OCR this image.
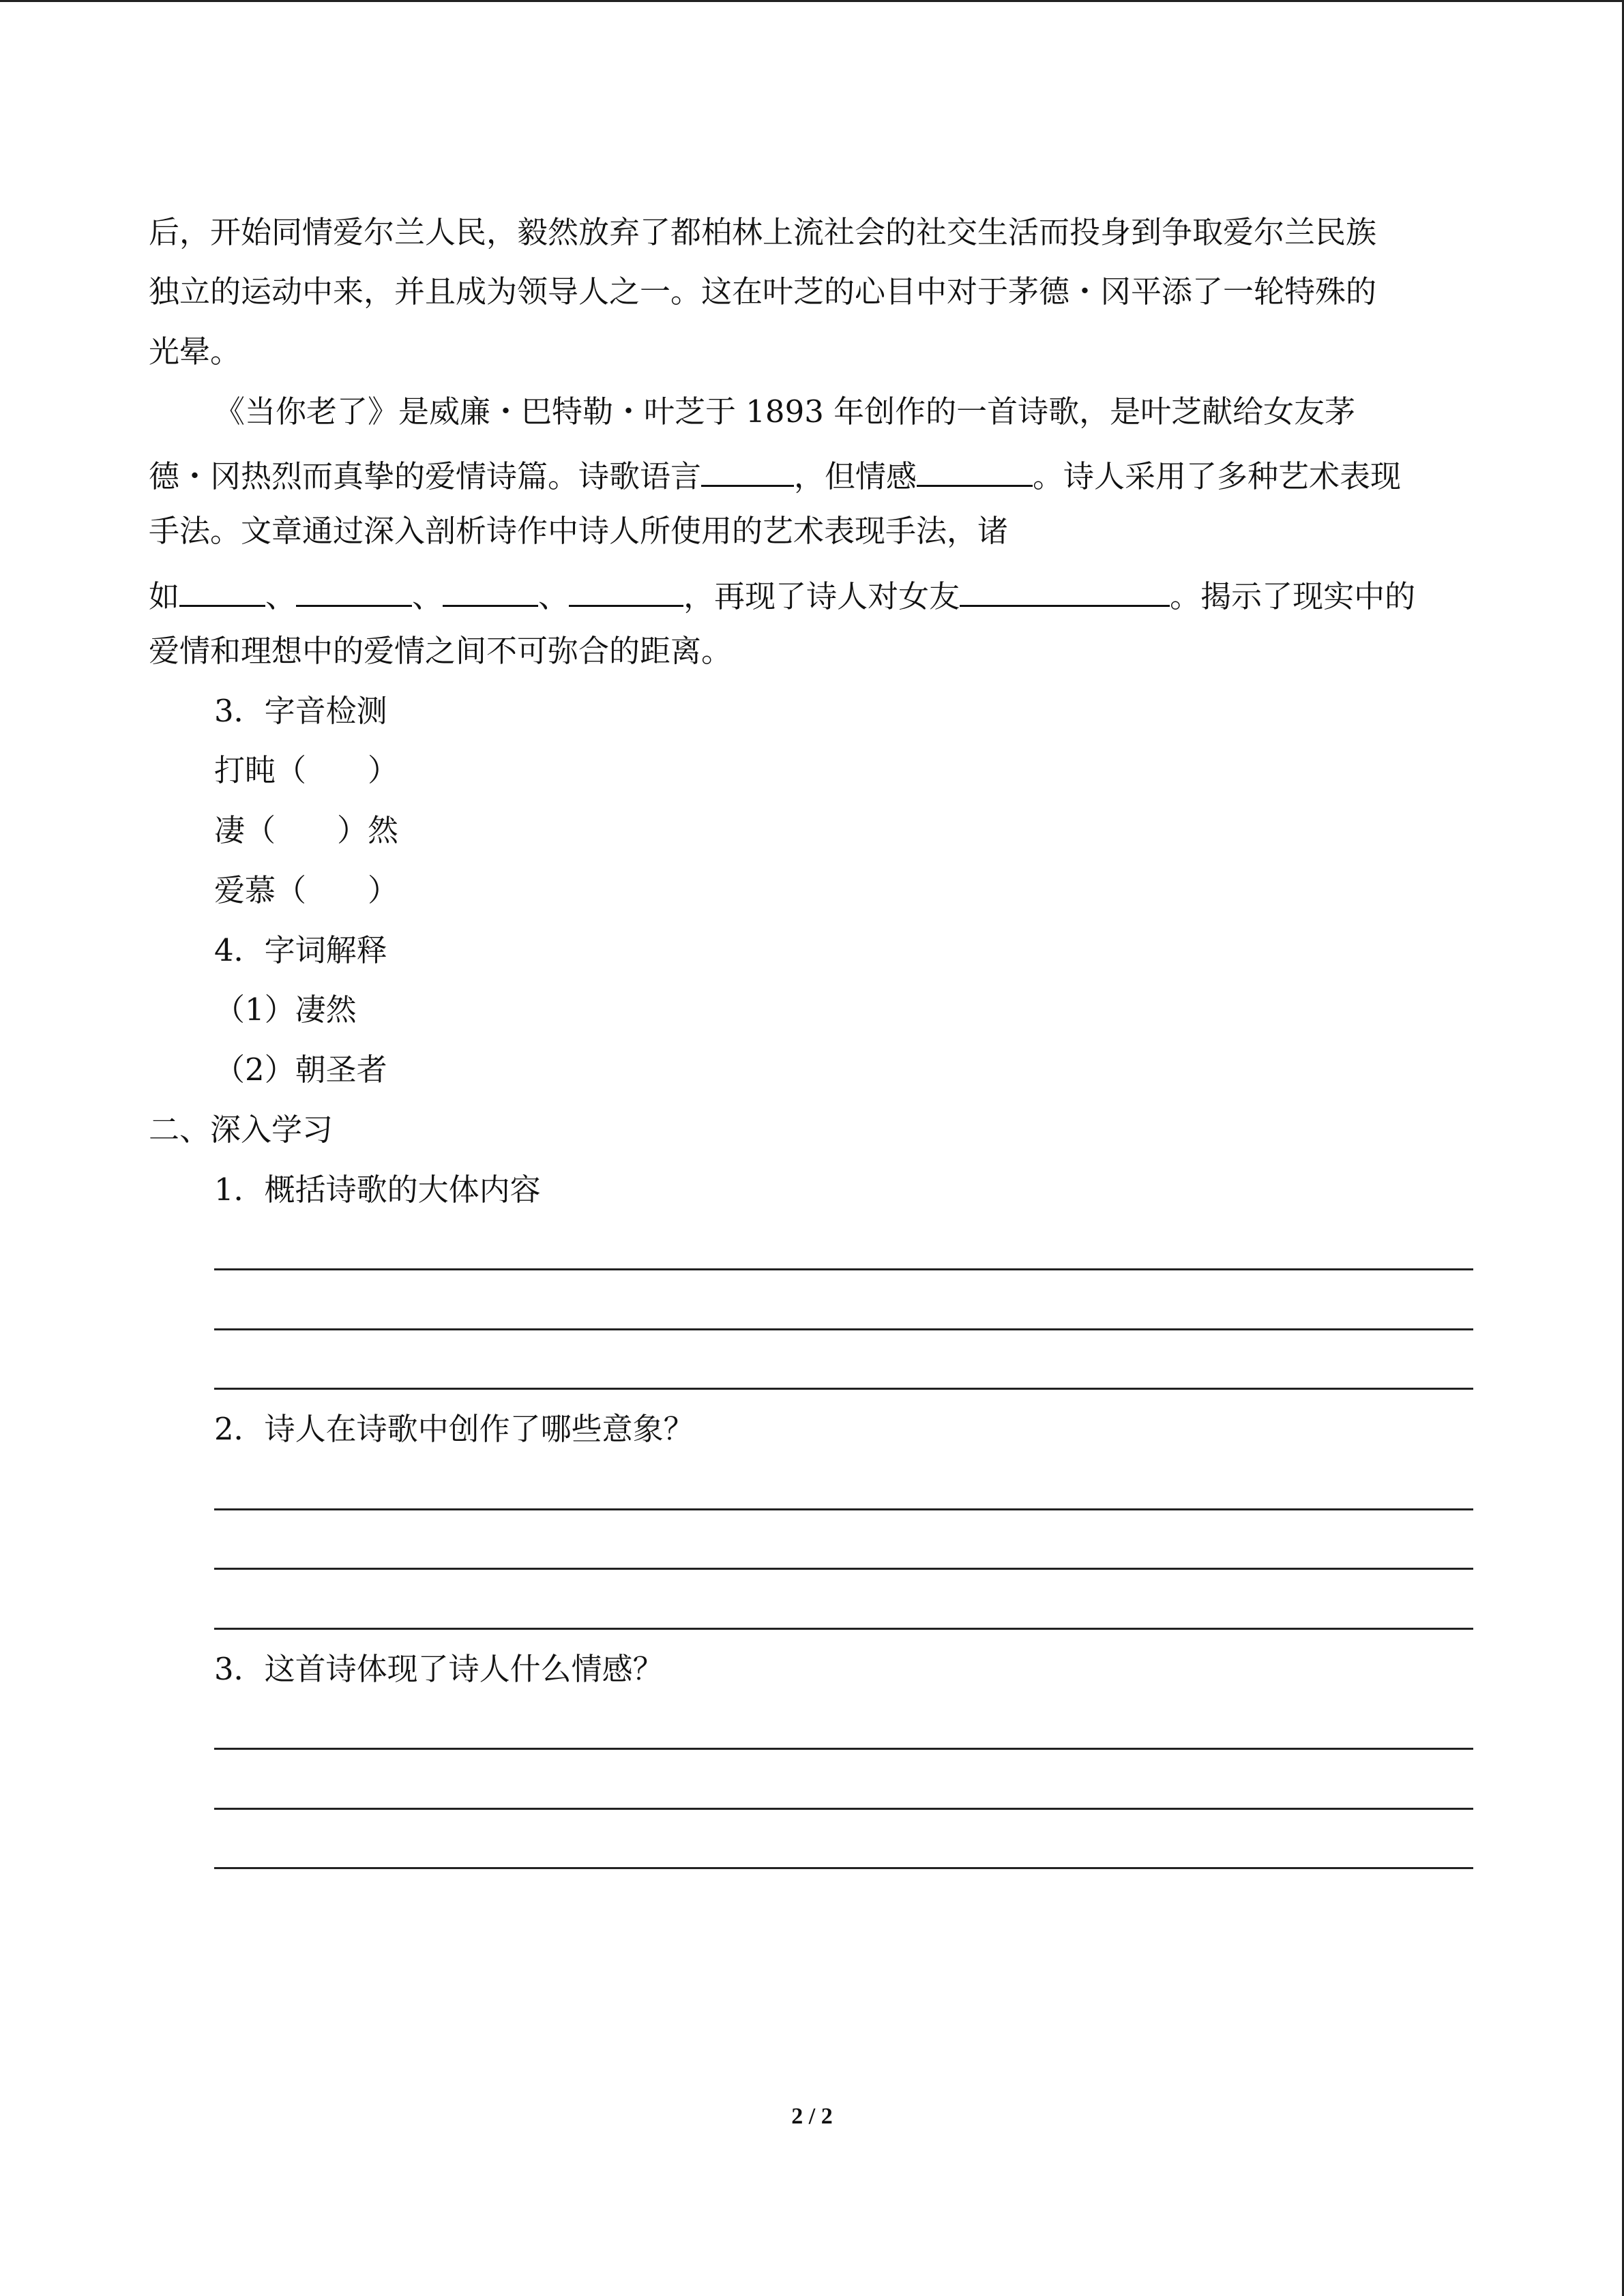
后，开始同情爱尔兰人民，毅然放弃了都柏林上流社会的社交生活而投身到争取爱尔兰民族
独立的运动中来，并且成为领导人之一。这在叶芝的心目中对于茅德・冈平添了一轮特殊的
光晕。
《当你老了》是威廉・巴特勒・叶芝于 1893 年创作的一首诗歌，是叶芝献给女友茅
德・冈热烈而真挚的爱情诗篇。诗歌语言	，但情感	。诗人采用了多种艺术表现
手法。文章通过深入剖析诗作中诗人所使用的艺术表现手法，诸
如	、	、	、	，再现了诗人对女友	。揭示了现实中的
爱情和理想中的爱情之间不可弥合的距离。
3．字音检测
打盹（　　）
凄（　　）然
爱慕（　　）
4．字词解释
（1）凄然
（2）朝圣者
二、深入学习
1．概括诗歌的大体内容
2．诗人在诗歌中创作了哪些意象？
3．这首诗体现了诗人什么情感？
2 / 2
